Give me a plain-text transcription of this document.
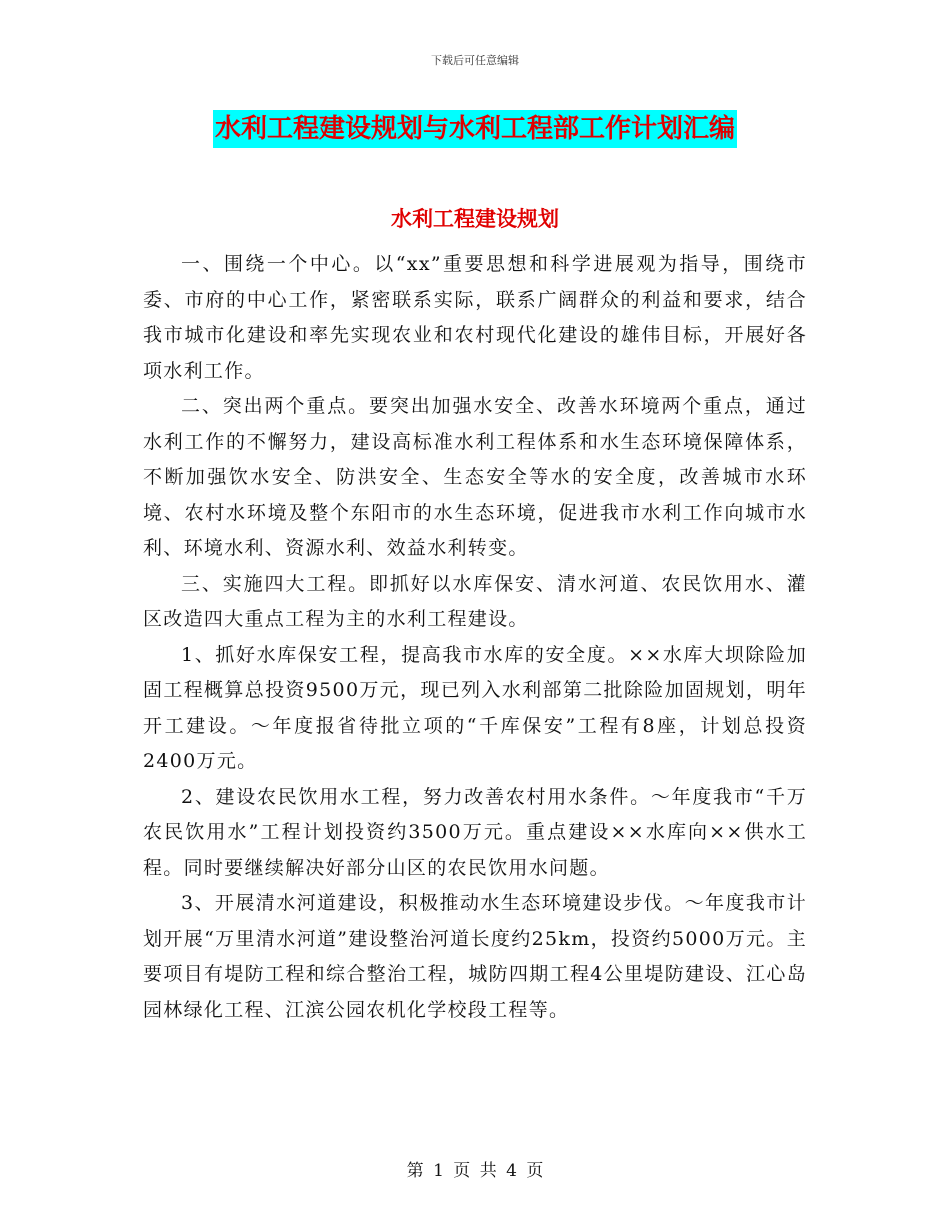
下载后可任意编辑
水利工程建设规划与水利工程部工作计划汇编
水利工程建设规划

一、围绕一个中心。以“xx”重要思想和科学进展观为指导，围绕市委、市府的中心工作，紧密联系实际，联系广阔群众的利益和要求，结合我市城市化建设和率先实现农业和农村现代化建设的雄伟目标，开展好各项水利工作。

二、突出两个重点。要突出加强水安全、改善水环境两个重点，通过水利工作的不懈努力，建设高标准水利工程体系和水生态环境保障体系，不断加强饮水安全、防洪安全、生态安全等水的安全度，改善城市水环境、农村水环境及整个东阳市的水生态环境，促进我市水利工作向城市水利、环境水利、资源水利、效益水利转变。

三、实施四大工程。即抓好以水库保安、清水河道、农民饮用水、灌区改造四大重点工程为主的水利工程建设。

1、抓好水库保安工程，提高我市水库的安全度。××水库大坝除险加固工程概算总投资9500万元，现已列入水利部第二批除险加固规划，明年开工建设。～年度报省待批立项的“千库保安”工程有8座，计划总投资2400万元。

2、建设农民饮用水工程，努力改善农村用水条件。～年度我市“千万农民饮用水”工程计划投资约3500万元。重点建设××水库向××供水工程。同时要继续解决好部分山区的农民饮用水问题。

3、开展清水河道建设，积极推动水生态环境建设步伐。～年度我市计划开展“万里清水河道”建设整治河道长度约25km，投资约5000万元。主要项目有堤防工程和综合整治工程，城防四期工程4公里堤防建设、江心岛园林绿化工程、江滨公园农机化学校段工程等。

第 1 页 共 4 页
